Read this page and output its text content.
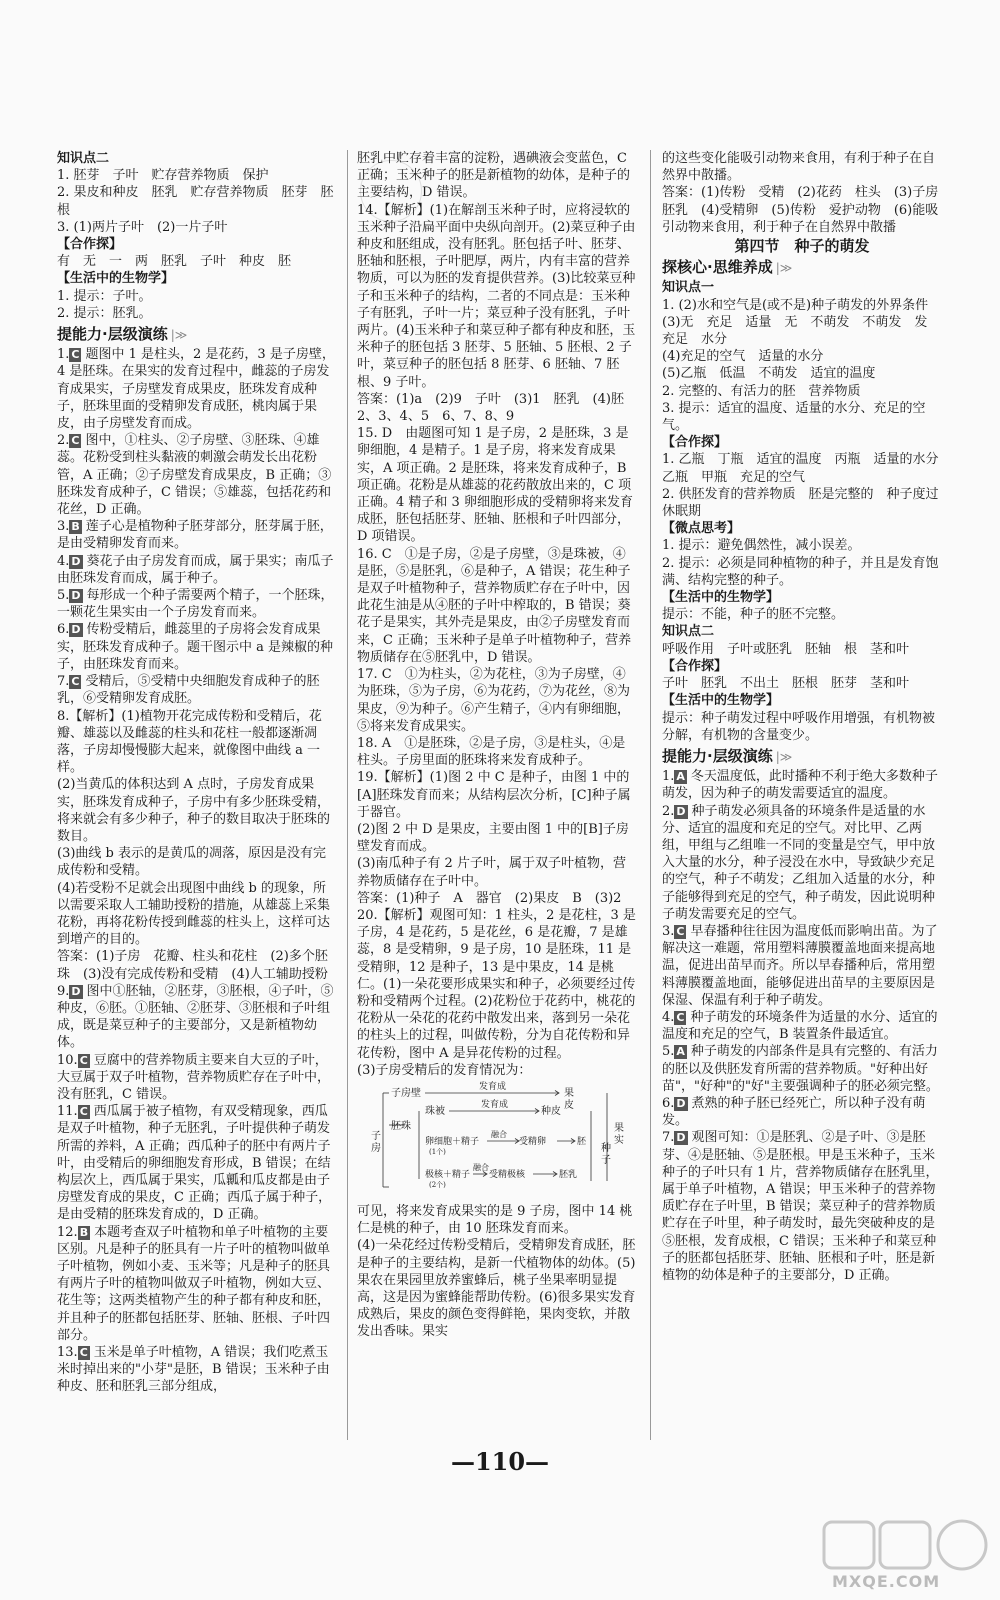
知识点二

1. 胚芽　子叶　贮存营养物质　保护

2. 果皮和种皮　胚乳　贮存营养物质　胚芽　胚根

3. (1)两片子叶　(2)一片子叶

【合作探】

有　无　一　两　胚乳　子叶　种皮　胚

【生活中的生物学】

1. 提示：子叶。

2. 提示：胚乳。

提能力·层级演练 |≫

1. C 题图中 1 是柱头，2 是花药，3 是子房壁，4 是胚珠。在果实的发育过程中，雌蕊的子房发育成果实，子房壁发育成果皮，胚珠发育成种子，胚珠里面的受精卵发育成胚，桃肉属于果皮，由子房壁发育而成。

2. C 图中，①柱头、②子房壁、③胚珠、④雄蕊。花粉受到柱头黏液的刺激会萌发长出花粉管，A 正确；②子房壁发育成果皮，B 正确；③胚珠发育成种子，C 错误；⑤雄蕊，包括花药和花丝，D 正确。

3. B 莲子心是植物种子胚芽部分，胚芽属于胚，是由受精卵发育而来。

4. D 葵花子由子房发育而成，属于果实；南瓜子由胚珠发育而成，属于种子。

5. D 每形成一个种子需要两个精子，一个胚珠，一颗花生果实由一个子房发育而来。

6. D 传粉受精后，雌蕊里的子房将会发育成果实，胚珠发育成种子。题干图示中 a 是辣椒的种子，由胚珠发育而来。

7. C 受精后，⑤受精中央细胞发育成种子的胚乳，⑥受精卵发育成胚。

8.【解析】(1)植物开花完成传粉和受精后，花瓣、雄蕊以及雌蕊的柱头和花柱一般都逐渐凋落，子房却慢慢膨大起来，就像图中曲线 a 一样。

(2)当黄瓜的体积达到 A 点时，子房发育成果实，胚珠发育成种子，子房中有多少胚珠受精，将来就会有多少种子，种子的数目取决于胚珠的数目。

(3)曲线 b 表示的是黄瓜的凋落，原因是没有完成传粉和受精。

(4)若受粉不足就会出现图中曲线 b 的现象，所以需要采取人工辅助授粉的措施，从雄蕊上采集花粉，再将花粉传授到雌蕊的柱头上，这样可达到增产的目的。

答案：(1)子房　花瓣、柱头和花柱　(2)多个胚珠　(3)没有完成传粉和受精　(4)人工辅助授粉

9. D 图中①胚轴，②胚芽，③胚根，④子叶，⑤种皮，⑥胚。①胚轴、②胚芽、③胚根和子叶组成，既是菜豆种子的主要部分，又是新植物幼体。

10. C 豆腐中的营养物质主要来自大豆的子叶，大豆属于双子叶植物，营养物质贮存在子叶中，没有胚乳，C 错误。

11. C 西瓜属于被子植物，有双受精现象，西瓜是双子叶植物，种子无胚乳，子叶提供种子萌发所需的养料，A 正确；西瓜种子的胚中有两片子叶，由受精后的卵细胞发育形成，B 错误；在结构层次上，西瓜属于果实，瓜瓤和瓜皮都是由子房壁发育成的果皮，C 正确；西瓜子属于种子，是由受精的胚珠发育成的，D 正确。

12. B 本题考查双子叶植物和单子叶植物的主要区别。凡是种子的胚具有一片子叶的植物叫做单子叶植物，例如小麦、玉米等；凡是种子的胚具有两片子叶的植物叫做双子叶植物，例如大豆、花生等；这两类植物产生的种子都有种皮和胚，并且种子的胚都包括胚芽、胚轴、胚根、子叶四部分。

13. C 玉米是单子叶植物，A 错误；我们吃煮玉米时掉出来的"小芽"是胚，B 错误；玉米种子由种皮、胚和胚乳三部分组成，

胚乳中贮存着丰富的淀粉，遇碘液会变蓝色，C 正确；玉米种子的胚是新植物的幼体，是种子的主要结构，D 错误。

14.【解析】(1)在解剖玉米种子时，应将浸软的玉米种子沿扁平面中央纵向剖开。(2)菜豆种子由种皮和胚组成，没有胚乳。胚包括子叶、胚芽、胚轴和胚根，子叶肥厚，两片，内有丰富的营养物质，可以为胚的发育提供营养。(3)比较菜豆种子和玉米种子的结构，二者的不同点是：玉米种子有胚乳，子叶一片；菜豆种子没有胚乳，子叶两片。(4)玉米种子和菜豆种子都有种皮和胚，玉米种子的胚包括 3 胚芽、5 胚轴、5 胚根、2 子叶，菜豆种子的胚包括 8 胚芽、6 胚轴、7 胚根、9 子叶。

答案：(1)a　(2)9　子叶　(3)1　胚乳　(4)胚　2、3、4、5　6、7、8、9

15. D　由题图可知 1 是子房，2 是胚珠，3 是卵细胞，4 是精子。1 是子房，将来发育成果实，A 项正确。2 是胚珠，将来发育成种子，B 项正确。花粉是从雄蕊的花药散放出来的，C 项正确。4 精子和 3 卵细胞形成的受精卵将来发育成胚，胚包括胚芽、胚轴、胚根和子叶四部分，D 项错误。

16. C　①是子房，②是子房壁，③是珠被，④是胚，⑤是胚乳，⑥是种子，A 错误；花生种子是双子叶植物种子，营养物质贮存在子叶中，因此花生油是从④胚的子叶中榨取的，B 错误；葵花子是果实，其外壳是果皮，由②子房壁发育而来，C 正确；玉米种子是单子叶植物种子，营养物质储存在⑤胚乳中，D 错误。

17. C　①为柱头，②为花柱，③为子房壁，④为胚珠，⑤为子房，⑥为花药，⑦为花丝，⑧为果皮，⑨为种子。⑥产生精子，④内有卵细胞，⑤将来发育成果实。

18. A　①是胚珠，②是子房，③是柱头，④是柱头。子房里面的胚珠将来发育成种子。

19.【解析】(1)图 2 中 C 是种子，由图 1 中的[A]胚珠发育而来；从结构层次分析，[C]种子属于器官。

(2)图 2 中 D 是果皮，主要由图 1 中的[B]子房壁发育而成。

(3)南瓜种子有 2 片子叶，属于双子叶植物，营养物质储存在子叶中。

答案：(1)种子　A　器官　(2)果皮　B　(3)2

20.【解析】观图可知：1 柱头，2 是花柱，3 是子房，4 是花药，5 是花丝，6 是花瓣，7 是雄蕊，8 是受精卵，9 是子房，10 是胚珠，11 是受精卵，12 是种子，13 是中果皮，14 是桃仁。(1)一朵花要形成果实和种子，必须要经过传粉和受精两个过程。(2)花粉位于花药中，桃花的花粉从一朵花的花药中散发出来，落到另一朵花的柱头上的过程，叫做传粉，分为自花传粉和异花传粉，图中 A 是异花传粉的过程。

(3)子房受精后的发育情况为：

子房
子房壁
发育成
果皮
胚珠
珠被
发育成
种皮
卵细胞＋精子
(1个)
融合
受精卵	胚
极核＋精子
(2个)
融合
受精极核	胚乳
种子
果实

可见，将来发育成果实的是 9 子房，图中 14 桃仁是桃的种子，由 10 胚珠发育而来。

(4)一朵花经过传粉受精后，受精卵发育成胚，胚是种子的主要结构，是新一代植物体的幼体。(5)果农在果园里放养蜜蜂后，桃子坐果率明显提高，这是因为蜜蜂能帮助传粉。(6)很多果实发育成熟后，果皮的颜色变得鲜艳，果肉变软，并散发出香味。果实

的这些变化能吸引动物来食用，有利于种子在自然界中散播。

答案：(1)传粉　受精　(2)花药　柱头　(3)子房　胚乳　(4)受精卵　(5)传粉　爱护动物　(6)能吸引动物来食用，利于种子在自然界中散播

第四节　种子的萌发
探核心·思维养成 |≫

知识点一

1. (2)水和空气是(或不是)种子萌发的外界条件

(3)无　充足　适量　无　不萌发　不萌发　发　充足　水分

(4)充足的空气　适量的水分

(5)乙瓶　低温　不萌发　适宜的温度

2. 完整的、有活力的胚　营养物质

3. 提示：适宜的温度、适量的水分、充足的空气。

【合作探】

1. 乙瓶　丁瓶　适宜的温度　丙瓶　适量的水分　乙瓶　甲瓶　充足的空气

2. 供胚发育的营养物质　胚是完整的　种子度过休眠期

【微点思考】

1. 提示：避免偶然性，减小误差。

2. 提示：必须是同种植物的种子，并且是发育饱满、结构完整的种子。

【生活中的生物学】

提示：不能，种子的胚不完整。

知识点二

呼吸作用　子叶或胚乳　胚轴　根　茎和叶

【合作探】

子叶　胚乳　不出土　胚根　胚芽　茎和叶

【生活中的生物学】

提示：种子萌发过程中呼吸作用增强，有机物被分解，有机物的含量变少。

提能力·层级演练 |≫

1. A 冬天温度低，此时播种不利于绝大多数种子萌发，因为种子的萌发需要适宜的温度。

2. D 种子萌发必须具备的环境条件是适量的水分、适宜的温度和充足的空气。对比甲、乙两组，甲组与乙组唯一不同的变量是空气，甲中放入大量的水分，种子浸没在水中，导致缺少充足的空气，种子不萌发；乙组加入适量的水分，种子能够得到充足的空气，种子萌发，因此说明种子萌发需要充足的空气。

3. C 早春播种往往因为温度低而影响出苗。为了解决这一难题，常用塑料薄膜覆盖地面来提高地温，促进出苗早而齐。所以早春播种后，常用塑料薄膜覆盖地面，能够促进出苗早的主要原因是保湿、保温有利于种子萌发。

4. C 种子萌发的环境条件为适量的水分、适宜的温度和充足的空气，B 装置条件最适宜。

5. A 种子萌发的内部条件是具有完整的、有活力的胚以及供胚发育所需的营养物质。"好种出好苗"，"好种"的"好"主要强调种子的胚必须完整。

6. D 煮熟的种子胚已经死亡，所以种子没有萌发。

7. D 观图可知：①是胚乳、②是子叶、③是胚芽、④是胚轴、⑤是胚根。甲是玉米种子，玉米种子的子叶只有 1 片，营养物质储存在胚乳里，属于单子叶植物，A 错误；甲玉米种子的营养物质贮存在子叶里，B 错误；菜豆种子的营养物质贮存在子叶里，种子萌发时，最先突破种皮的是⑤胚根，发育成根，C 错误；玉米种子和菜豆种子的胚都包括胚芽、胚轴、胚根和子叶，胚是新植物的幼体是种子的主要部分，D 正确。

—110—
MXQE.COM
